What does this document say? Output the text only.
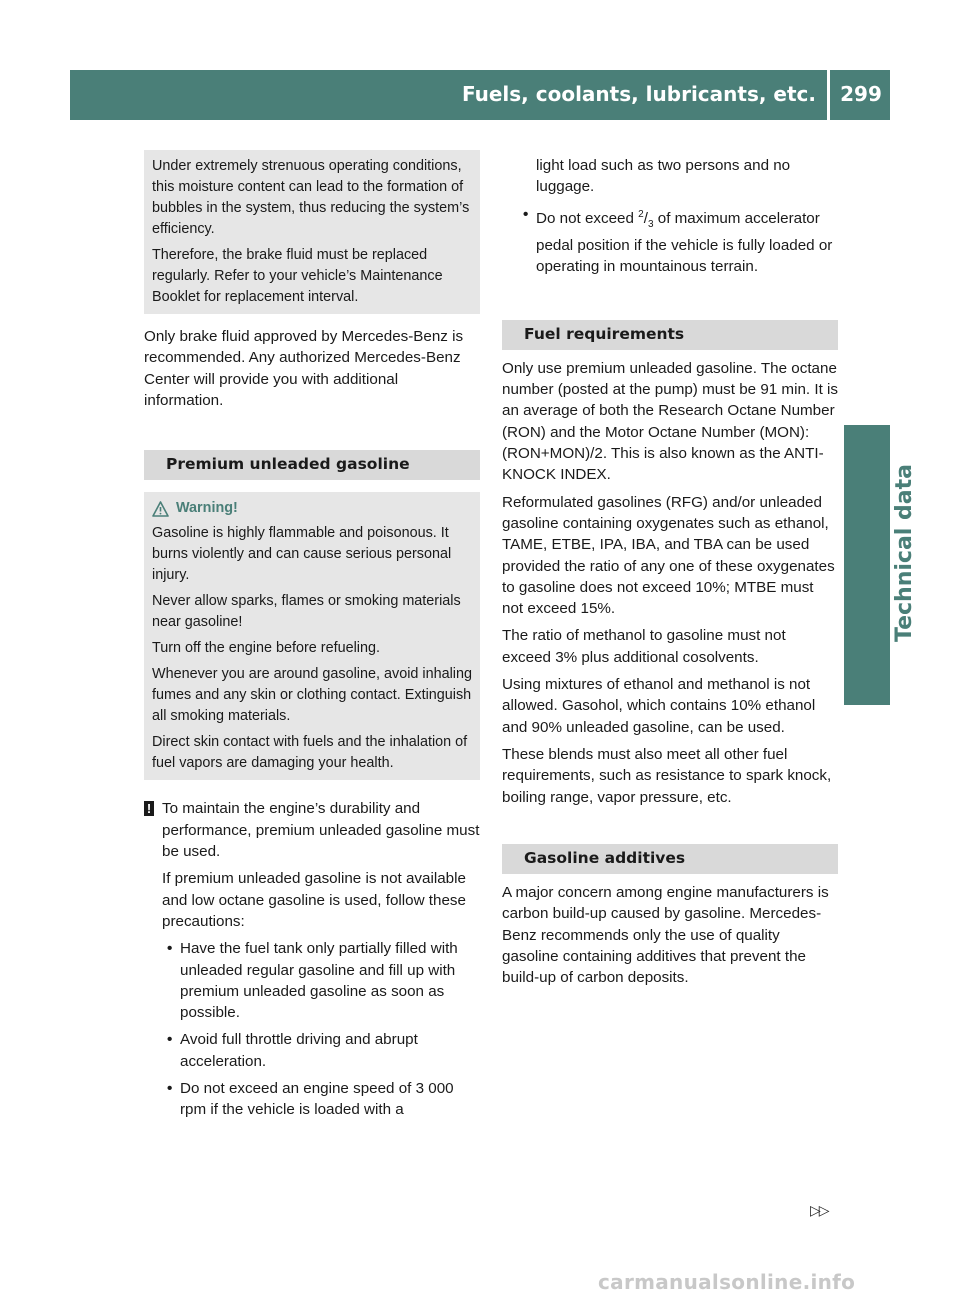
Fuels, coolants, lubricants, etc.	299
Technical data

Under extremely strenuous operating conditions, this moisture content can lead to the formation of bubbles in the system, thus reducing the system’s efficiency.

Therefore, the brake fluid must be replaced regularly. Refer to your vehicle’s Maintenance Booklet for replacement interval.

Only brake fluid approved by Mercedes-Benz is recommended. Any authorized Mercedes-Benz Center will provide you with additional information.

Premium unleaded gasoline
Warning!

Gasoline is highly flammable and poisonous. It burns violently and can cause serious personal injury.

Never allow sparks, flames or smoking materials near gasoline!

Turn off the engine before refueling.

Whenever you are around gasoline, avoid inhaling fumes and any skin or clothing contact. Extinguish all smoking materials.

Direct skin contact with fuels and the inhalation of fuel vapors are damaging your health.

! To maintain the engine’s durability and performance, premium unleaded gasoline must be used.

If premium unleaded gasoline is not available and low octane gasoline is used, follow these precautions:

• Have the fuel tank only partially filled with unleaded regular gasoline and fill up with premium unleaded gasoline as soon as possible.
• Avoid full throttle driving and abrupt acceleration.
• Do not exceed an engine speed of 3 000 rpm if the vehicle is loaded with a

light load such as two persons and no luggage.

• Do not exceed $^2/_3$ of maximum accelerator pedal position if the vehicle is fully loaded or operating in mountainous terrain.
Fuel requirements

Only use premium unleaded gasoline. The octane number (posted at the pump) must be 91 min. It is an average of both the Research Octane Number (RON) and the Motor Octane Number (MON): (RON+MON)/2. This is also known as the ANTI-KNOCK INDEX.

Reformulated gasolines (RFG) and/or unleaded gasoline containing oxygenates such as ethanol, TAME, ETBE, IPA, IBA, and TBA can be used provided the ratio of any one of these oxygenates to gasoline does not exceed 10%; MTBE must not exceed 15%.

The ratio of methanol to gasoline must not exceed 3% plus additional cosolvents.

Using mixtures of ethanol and methanol is not allowed. Gasohol, which contains 10% ethanol and 90% unleaded gasoline, can be used.

These blends must also meet all other fuel requirements, such as resistance to spark knock, boiling range, vapor pressure, etc.

Gasoline additives

A major concern among engine manufacturers is carbon build-up caused by gasoline. Mercedes-Benz recommends only the use of quality gasoline containing additives that prevent the build-up of carbon deposits.

▷▷
carmanualsonline.info
